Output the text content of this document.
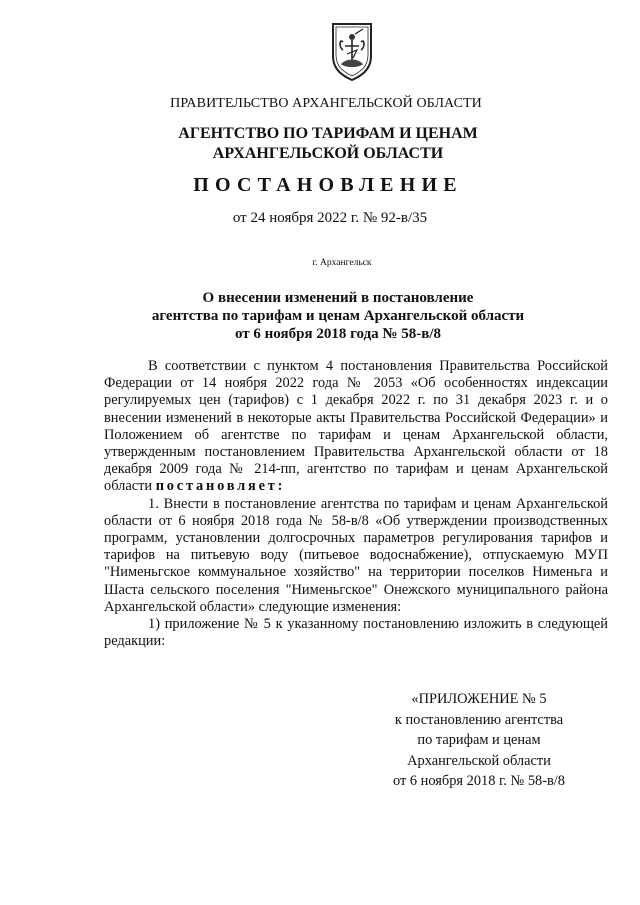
ПРАВИТЕЛЬСТВО АРХАНГЕЛЬСКОЙ ОБЛАСТИ
АГЕНТСТВО ПО ТАРИФАМ И ЦЕНАМ
АРХАНГЕЛЬСКОЙ ОБЛАСТИ
ПОСТАНОВЛЕНИЕ
от 24 ноября 2022 г. № 92-в/35
г. Архангельск
О внесении изменений в постановление
агентства по тарифам и ценам Архангельской области
от 6 ноября 2018 года № 58-в/8

В соответствии с пунктом 4 постановления Правительства Российской Федерации от 14 ноября 2022 года № 2053 «Об особенностях индексации регулируемых цен (тарифов) с 1 декабря 2022 г. по 31 декабря 2023 г. и о внесении изменений в некоторые акты Правительства Российской Федерации» и Положением об агентстве по тарифам и ценам Архангельской области, утвержденным постановлением Правительства Архангельской области от 18 декабря 2009 года № 214-пп, агентство по тарифам и ценам Архангельской области постановляет:

1. Внести в постановление агентства по тарифам и ценам Архангельской области от 6 ноября 2018 года № 58-в/8 «Об утверждении производственных программ, установлении долгосрочных параметров регулирования тарифов и тарифов на питьевую воду (питьевое водоснабжение), отпускаемую МУП "Нименьгское коммунальное хозяйство" на территории поселков Нименьга и Шаста сельского поселения "Нименьгское" Онежского муниципального района Архангельской области» следующие изменения:

1) приложение № 5 к указанному постановлению изложить в следующей редакции:

«ПРИЛОЖЕНИЕ № 5
к постановлению агентства
по тарифам и ценам
Архангельской области
от 6 ноября 2018 г. № 58-в/8
